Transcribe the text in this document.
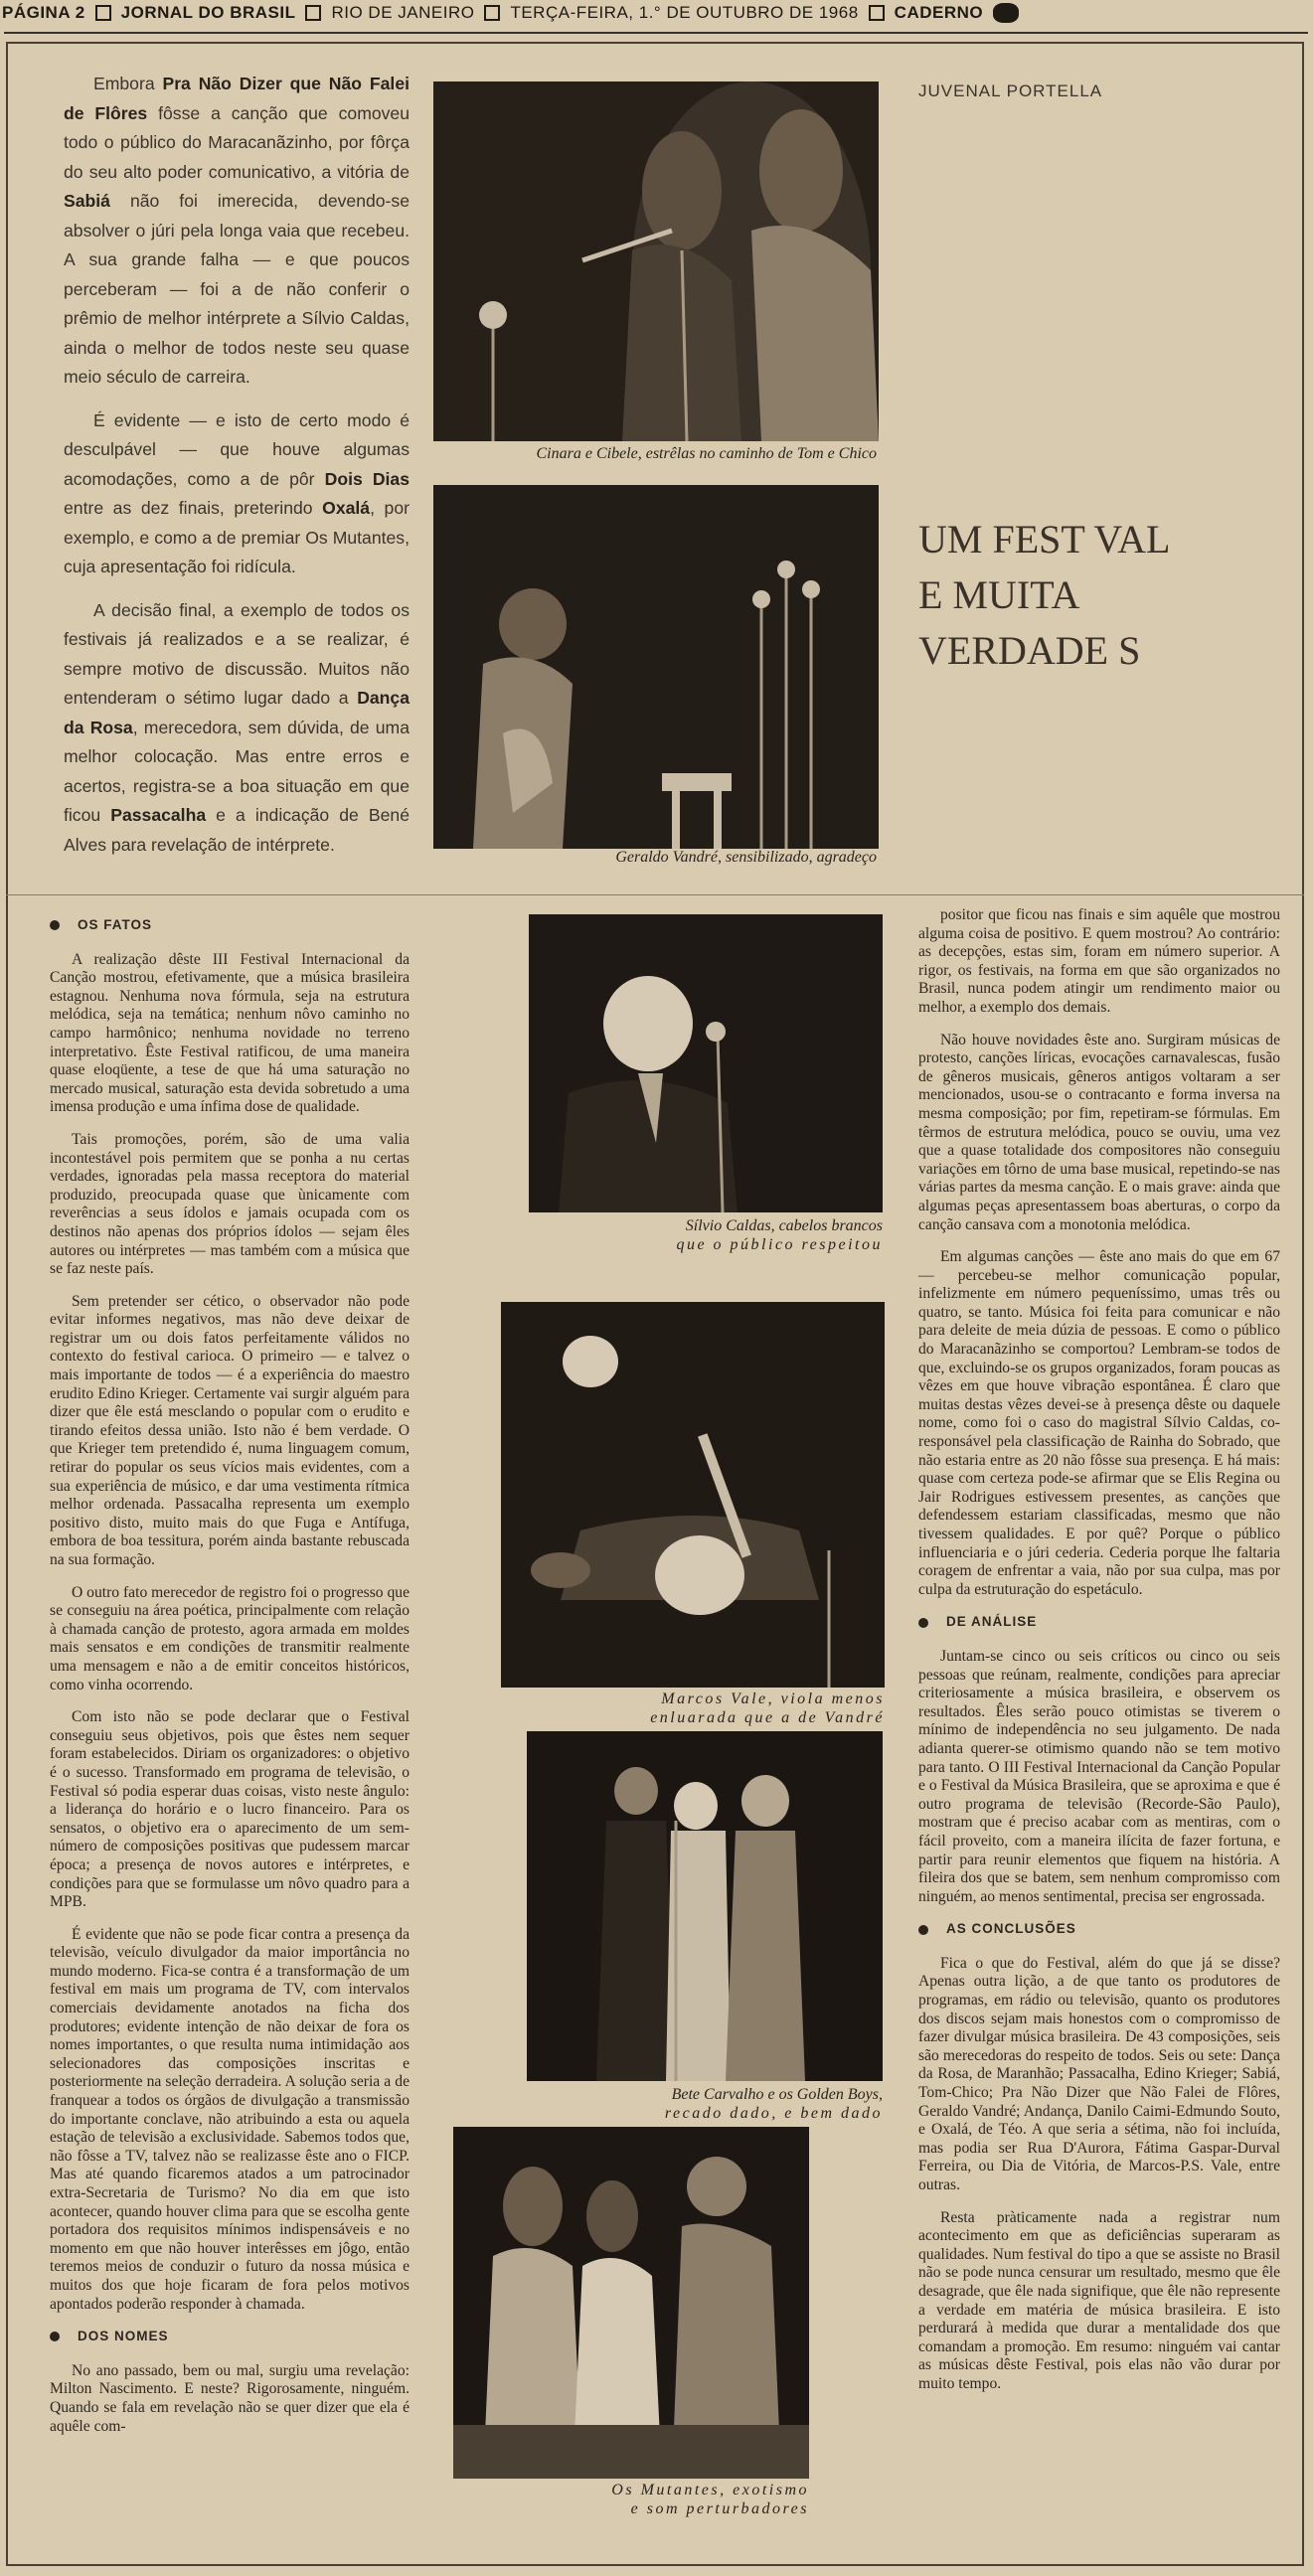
PÁGINA 2 JORNAL DO BRASIL RIO DE JANEIRO TERÇA-FEIRA, 1.° DE OUTUBRO DE 1968 CADERNO

Embora Pra Não Dizer que Não Falei de Flôres fôsse a canção que comoveu todo o público do Maracanãzinho, por fôrça do seu alto poder comunicativo, a vitória de Sabiá não foi imerecida, devendo-se absolver o júri pela longa vaia que recebeu. A sua grande falha — e que poucos perceberam — foi a de não conferir o prêmio de melhor intérprete a Sílvio Caldas, ainda o melhor de todos neste seu quase meio século de carreira.

É evidente — e isto de certo modo é desculpável — que houve algumas acomodações, como a de pôr Dois Dias entre as dez finais, preterindo Oxalá, por exemplo, e como a de premiar Os Mutantes, cuja apresentação foi ridícula.

A decisão final, a exemplo de todos os festivais já realizados e a se realizar, é sempre motivo de discussão. Muitos não entenderam o sétimo lugar dado a Dança da Rosa, merecedora, sem dúvida, de uma melhor colocação. Mas entre erros e acertos, registra-se a boa situação em que ficou Passacalha e a indicação de Bené Alves para revelação de intérprete.

Cinara e Cibele, estrêlas no caminho de Tom e Chico
Geraldo Vandré, sensibilizado, agradeço
JUVENAL PORTELLA
UM FEST VAL
E MUITA
VERDADE S
OS FATOS

A realização dêste III Festival Internacional da Canção mostrou, efetivamente, que a música brasileira estagnou. Nenhuma nova fórmula, seja na estrutura melódica, seja na temática; nenhum nôvo caminho no campo harmônico; nenhuma novidade no terreno interpretativo. Êste Festival ratificou, de uma maneira quase eloqüente, a tese de que há uma saturação no mercado musical, saturação esta devida sobretudo a uma imensa produção e uma ínfima dose de qualidade.

Tais promoções, porém, são de uma valia incontestável pois permitem que se ponha a nu certas verdades, ignoradas pela massa receptora do material produzido, preocupada quase que ùnicamente com reverências a seus ídolos e jamais ocupada com os destinos não apenas dos próprios ídolos — sejam êles autores ou intérpretes — mas também com a música que se faz neste país.

Sem pretender ser cético, o observador não pode evitar informes negativos, mas não deve deixar de registrar um ou dois fatos perfeitamente válidos no contexto do festival carioca. O primeiro — e talvez o mais importante de todos — é a experiência do maestro erudito Edino Krieger. Certamente vai surgir alguém para dizer que êle está mesclando o popular com o erudito e tirando efeitos dessa união. Isto não é bem verdade. O que Krieger tem pretendido é, numa linguagem comum, retirar do popular os seus vícios mais evidentes, com a sua experiência de músico, e dar uma vestimenta rítmica melhor ordenada. Passacalha representa um exemplo positivo disto, muito mais do que Fuga e Antífuga, embora de boa tessitura, porém ainda bastante rebuscada na sua formação.

O outro fato merecedor de registro foi o progresso que se conseguiu na área poética, principalmente com relação à chamada canção de protesto, agora armada em moldes mais sensatos e em condições de transmitir realmente uma mensagem e não a de emitir conceitos históricos, como vinha ocorrendo.

Com isto não se pode declarar que o Festival conseguiu seus objetivos, pois que êstes nem sequer foram estabelecidos. Diriam os organizadores: o objetivo é o sucesso. Transformado em programa de televisão, o Festival só podia esperar duas coisas, visto neste ângulo: a liderança do horário e o lucro financeiro. Para os sensatos, o objetivo era o aparecimento de um sem-número de composições positivas que pudessem marcar época; a presença de novos autores e intérpretes, e condições para que se formulasse um nôvo quadro para a MPB.

É evidente que não se pode ficar contra a presença da televisão, veículo divulgador da maior importância no mundo moderno. Fica-se contra é a transformação de um festival em mais um programa de TV, com intervalos comerciais devidamente anotados na ficha dos produtores; evidente intenção de não deixar de fora os nomes importantes, o que resulta numa intimidação aos selecionadores das composições inscritas e posteriormente na seleção derradeira. A solução seria a de franquear a todos os órgãos de divulgação a transmissão do importante conclave, não atribuindo a esta ou aquela estação de televisão a exclusividade. Sabemos todos que, não fôsse a TV, talvez não se realizasse êste ano o FICP. Mas até quando ficaremos atados a um patrocinador extra-Secretaria de Turismo? No dia em que isto acontecer, quando houver clima para que se escolha gente portadora dos requisitos mínimos indispensáveis e no momento em que não houver interêsses em jôgo, então teremos meios de conduzir o futuro da nossa música e muitos dos que hoje ficaram de fora pelos motivos apontados poderão responder à chamada.

DOS NOMES

No ano passado, bem ou mal, surgiu uma revelação: Milton Nascimento. E neste? Rigorosamente, ninguém. Quando se fala em revelação não se quer dizer que ela é aquêle com-

Sílvio Caldas, cabelos brancos
que o público respeitou
Marcos Vale, viola menos
enluarada que a de Vandré
Bete Carvalho e os Golden Boys,
recado dado, e bem dado
Os Mutantes, exotismo
e som perturbadores

positor que ficou nas finais e sim aquêle que mostrou alguma coisa de positivo. E quem mostrou? Ao contrário: as decepções, estas sim, foram em número superior. A rigor, os festivais, na forma em que são organizados no Brasil, nunca podem atingir um rendimento maior ou melhor, a exemplo dos demais.

Não houve novidades êste ano. Surgiram músicas de protesto, canções líricas, evocações carnavalescas, fusão de gêneros musicais, gêneros antigos voltaram a ser mencionados, usou-se o contracanto e forma inversa na mesma composição; por fim, repetiram-se fórmulas. Em têrmos de estrutura melódica, pouco se ouviu, uma vez que a quase totalidade dos compositores não conseguiu variações em tôrno de uma base musical, repetindo-se nas várias partes da mesma canção. E o mais grave: ainda que algumas peças apresentassem boas aberturas, o corpo da canção cansava com a monotonia melódica.

Em algumas canções — êste ano mais do que em 67 — percebeu-se melhor comunicação popular, infelizmente em número pequeníssimo, umas três ou quatro, se tanto. Música foi feita para comunicar e não para deleite de meia dúzia de pessoas. E como o público do Maracanãzinho se comportou? Lembram-se todos de que, excluindo-se os grupos organizados, foram poucas as vêzes em que houve vibração espontânea. É claro que muitas destas vêzes devei-se à presença dêste ou daquele nome, como foi o caso do magistral Sílvio Caldas, co-responsável pela classificação de Rainha do Sobrado, que não estaria entre as 20 não fôsse sua presença. E há mais: quase com certeza pode-se afirmar que se Elis Regina ou Jair Rodrigues estivessem presentes, as canções que defendessem estariam classificadas, mesmo que não tivessem qualidades. E por quê? Porque o público influenciaria e o júri cederia. Cederia porque lhe faltaria coragem de enfrentar a vaia, não por sua culpa, mas por culpa da estruturação do espetáculo.

DE ANÁLISE

Juntam-se cinco ou seis críticos ou cinco ou seis pessoas que reúnam, realmente, condições para apreciar criteriosamente a música brasileira, e observem os resultados. Êles serão pouco otimistas se tiverem o mínimo de independência no seu julgamento. De nada adianta querer-se otimismo quando não se tem motivo para tanto. O III Festival Internacional da Canção Popular e o Festival da Música Brasileira, que se aproxima e que é outro programa de televisão (Recorde-São Paulo), mostram que é preciso acabar com as mentiras, com o fácil proveito, com a maneira ilícita de fazer fortuna, e partir para reunir elementos que fiquem na história. A fileira dos que se batem, sem nenhum compromisso com ninguém, ao menos sentimental, precisa ser engrossada.

AS CONCLUSÕES

Fica o que do Festival, além do que já se disse? Apenas outra lição, a de que tanto os produtores de programas, em rádio ou televisão, quanto os produtores dos discos sejam mais honestos com o compromisso de fazer divulgar música brasileira. De 43 composições, seis são merecedoras do respeito de todos. Seis ou sete: Dança da Rosa, de Maranhão; Passacalha, Edino Krieger; Sabiá, Tom-Chico; Pra Não Dizer que Não Falei de Flôres, Geraldo Vandré; Andança, Danilo Caimi-Edmundo Souto, e Oxalá, de Téo. A que seria a sétima, não foi incluída, mas podia ser Rua D'Aurora, Fátima Gaspar-Durval Ferreira, ou Dia de Vitória, de Marcos-P.S. Vale, entre outras.

Resta pràticamente nada a registrar num acontecimento em que as deficiências superaram as qualidades. Num festival do tipo a que se assiste no Brasil não se pode nunca censurar um resultado, mesmo que êle desagrade, que êle nada signifique, que êle não represente a verdade em matéria de música brasileira. E isto perdurará à medida que durar a mentalidade dos que comandam a promoção. Em resumo: ninguém vai cantar as músicas dêste Festival, pois elas não vão durar por muito tempo.
